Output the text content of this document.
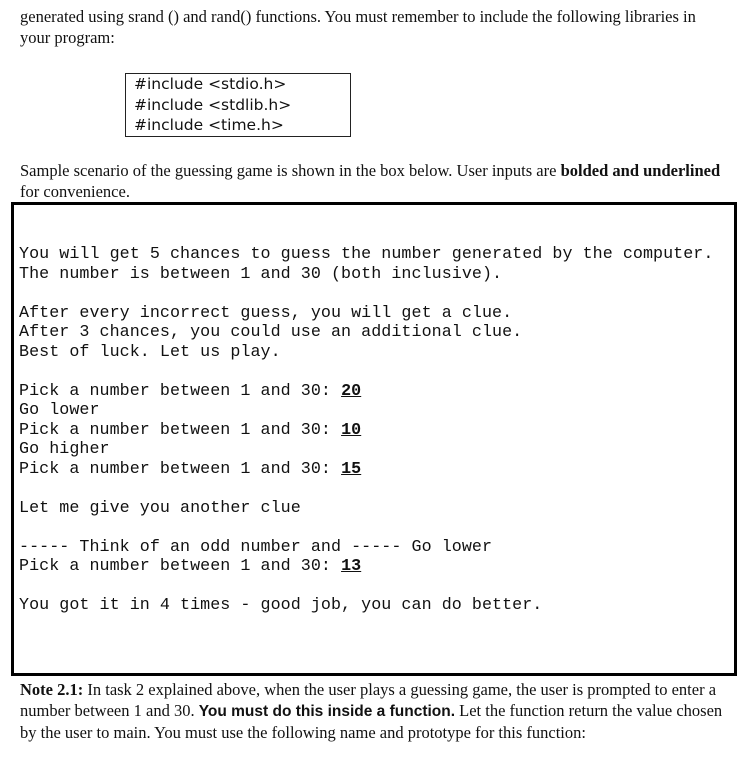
generated using srand () and rand() functions. You must remember to include the following libraries in your program:

#include <stdio.h>
#include <stdlib.h>
#include <time.h>

Sample scenario of the guessing game is shown in the box below. User inputs are bolded and underlined for convenience.

You will get 5 chances to guess the number generated by the computer.
The number is between 1 and 30 (both inclusive).
After every incorrect guess, you will get a clue.
After 3 chances, you could use an additional clue.
Best of luck. Let us play.
Pick a number between 1 and 30: 20
Go lower
Pick a number between 1 and 30: 10
Go higher
Pick a number between 1 and 30: 15
Let me give you another clue
----- Think of an odd number and ----- Go lower
Pick a number between 1 and 30: 13
You got it in 4 times - good job, you can do better.

Note 2.1: In task 2 explained above, when the user plays a guessing game, the user is prompted to enter a number between 1 and 30. You must do this inside a function. Let the function return the value chosen by the user to main. You must use the following name and prototype for this function:
